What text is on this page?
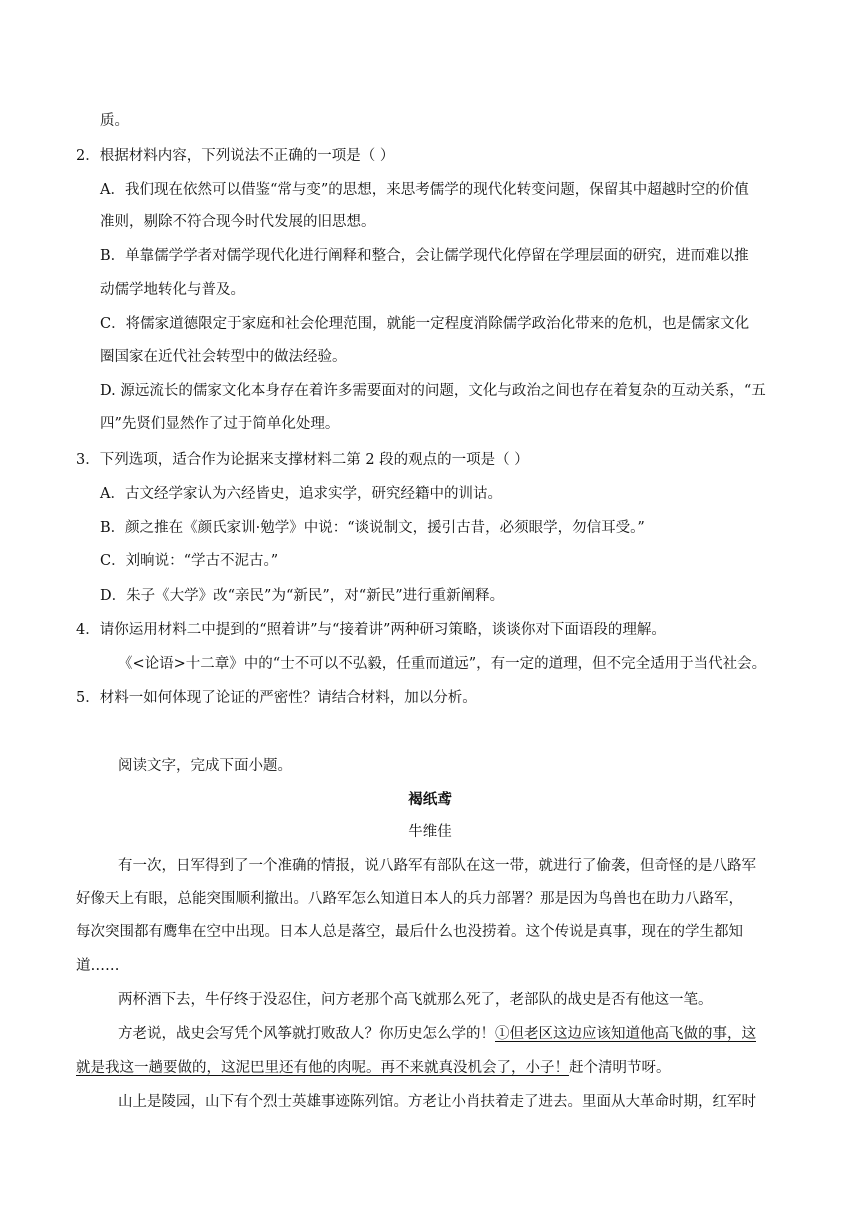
质。
2．根据材料内容，下列说法不正确的一项是（ ）
A．我们现在依然可以借鉴“常与变”的思想，来思考儒学的现代化转变问题，保留其中超越时空的价值
准则，剔除不符合现今时代发展的旧思想。
B．单靠儒学学者对儒学现代化进行阐释和整合，会让儒学现代化停留在学理层面的研究，进而难以推
动儒学地转化与普及。
C．将儒家道德限定于家庭和社会伦理范围，就能一定程度消除儒学政治化带来的危机，也是儒家文化
圈国家在近代社会转型中的做法经验。
D. 源远流长的儒家文化本身存在着许多需要面对的问题，文化与政治之间也存在着复杂的互动关系，“五
四”先贤们显然作了过于简单化处理。
3．下列选项，适合作为论据来支撑材料二第 2 段的观点的一项是（ ）
A．古文经学家认为六经皆史，追求实学，研究经籍中的训诂。
B．颜之推在《颜氏家训·勉学》中说：“谈说制文，援引古昔，必须眼学，勿信耳受。”
C．刘晌说：“学古不泥古。”
D．朱子《大学》改“亲民”为“新民”，对“新民”进行重新阐释。
4．请你运用材料二中提到的“照着讲”与“接着讲”两种研习策略，谈谈你对下面语段的理解。
《<论语>十二章》中的“士不可以不弘毅，任重而道远”，有一定的道理，但不完全适用于当代社会。
5．材料一如何体现了论证的严密性？请结合材料，加以分析。
阅读文字，完成下面小题。
褐纸鸢
牛维佳
有一次，日军得到了一个准确的情报，说八路军有部队在这一带，就进行了偷袭，但奇怪的是八路军
好像天上有眼，总能突围顺利撤出。八路军怎么知道日本人的兵力部署？那是因为鸟兽也在助力八路军，
每次突围都有鹰隼在空中出现。日本人总是落空，最后什么也没捞着。这个传说是真事，现在的学生都知
道……
两杯酒下去，牛仔终于没忍住，问方老那个高飞就那么死了，老部队的战史是否有他这一笔。
方老说，战史会写凭个风筝就打败敌人？你历史怎么学的！①但老区这边应该知道他高飞做的事，这
就是我这一趟要做的，这泥巴里还有他的肉呢。再不来就真没机会了，小子！赶个清明节呀。
山上是陵园，山下有个烈士英雄事迹陈列馆。方老让小肖扶着走了进去。里面从大革命时期，红军时
